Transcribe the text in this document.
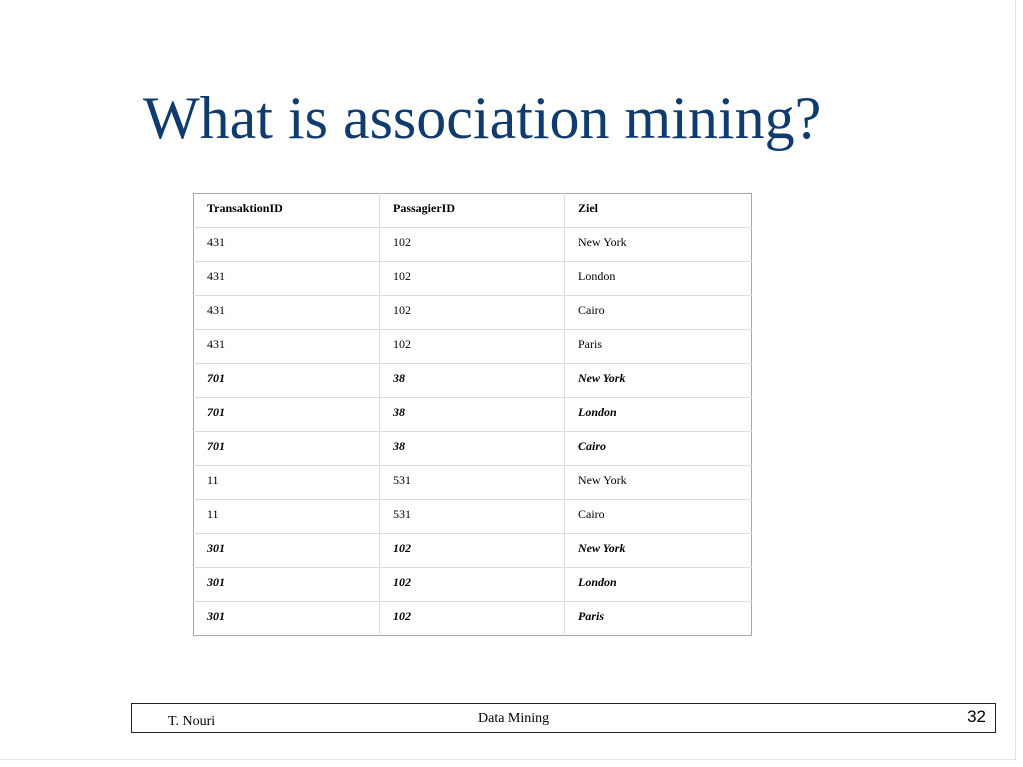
What is association mining?
TransaktionID	PassagierID	Ziel
431	102	New York
431	102	London
431	102	Cairo
431	102	Paris
701	38	New York
701	38	London
701	38	Cairo
11	531	New York
11	531	Cairo
301	102	New York
301	102	London
301	102	Paris
T. Nouri	Data Mining	32
